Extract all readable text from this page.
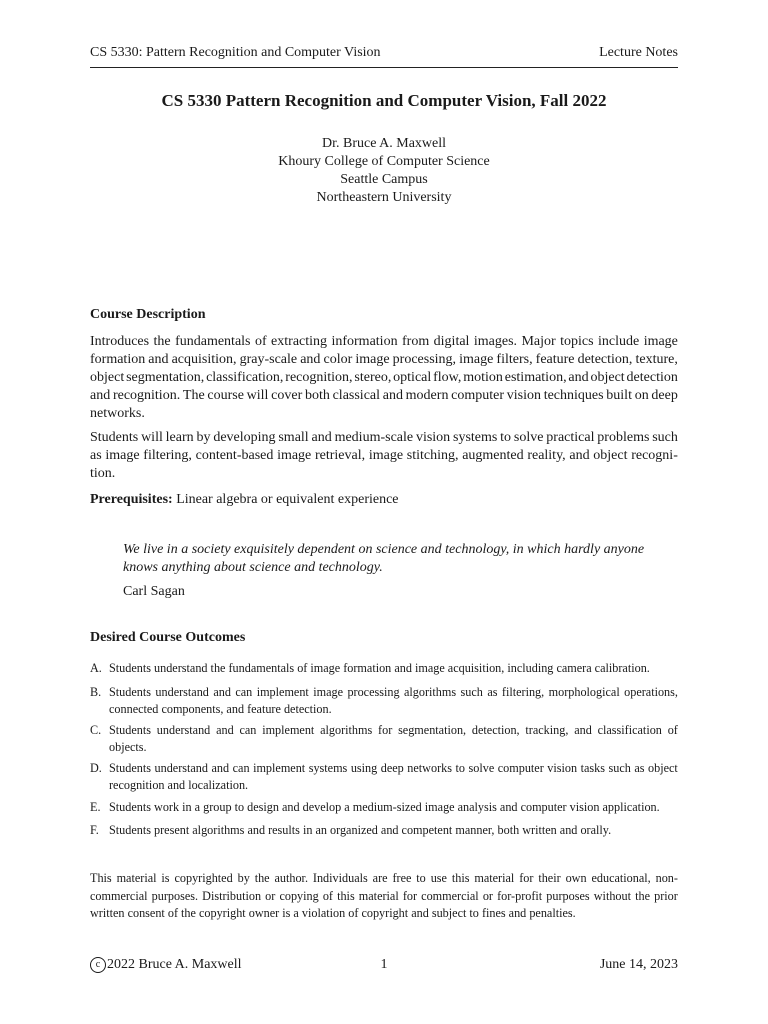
CS 5330: Pattern Recognition and Computer Vision	Lecture Notes
CS 5330 Pattern Recognition and Computer Vision, Fall 2022
Dr. Bruce A. Maxwell
Khoury College of Computer Science
Seattle Campus
Northeastern University
Course Description
Introduces the fundamentals of extracting information from digital images. Major topics include image
formation and acquisition, gray-scale and color image processing, image filters, feature detection, texture,
object segmentation, classification, recognition, stereo, optical flow, motion estimation, and object detection
and recognition. The course will cover both classical and modern computer vision techniques built on deep
networks.
Students will learn by developing small and medium-scale vision systems to solve practical problems such
as image filtering, content-based image retrieval, image stitching, augmented reality, and object recogni-
tion.
Prerequisites: Linear algebra or equivalent experience
We live in a society exquisitely dependent on science and technology, in which hardly anyone
knows anything about science and technology.
Carl Sagan
Desired Course Outcomes
A. Students understand the fundamentals of image formation and image acquisition, including camera calibration.
B. Students understand and can implement image processing algorithms such as filtering, morphological operations,
connected components, and feature detection.
C. Students understand and can implement algorithms for segmentation, detection, tracking, and classification of
objects.
D. Students understand and can implement systems using deep networks to solve computer vision tasks such as object
recognition and localization.
E. Students work in a group to design and develop a medium-sized image analysis and computer vision application.
F. Students present algorithms and results in an organized and competent manner, both written and orally.
This material is copyrighted by the author. Individuals are free to use this material for their own educational, non-
commercial purposes. Distribution or copying of this material for commercial or for-profit purposes without the prior
written consent of the copyright owner is a violation of copyright and subject to fines and penalties.
c 2022 Bruce A. Maxwell	1	June 14, 2023
